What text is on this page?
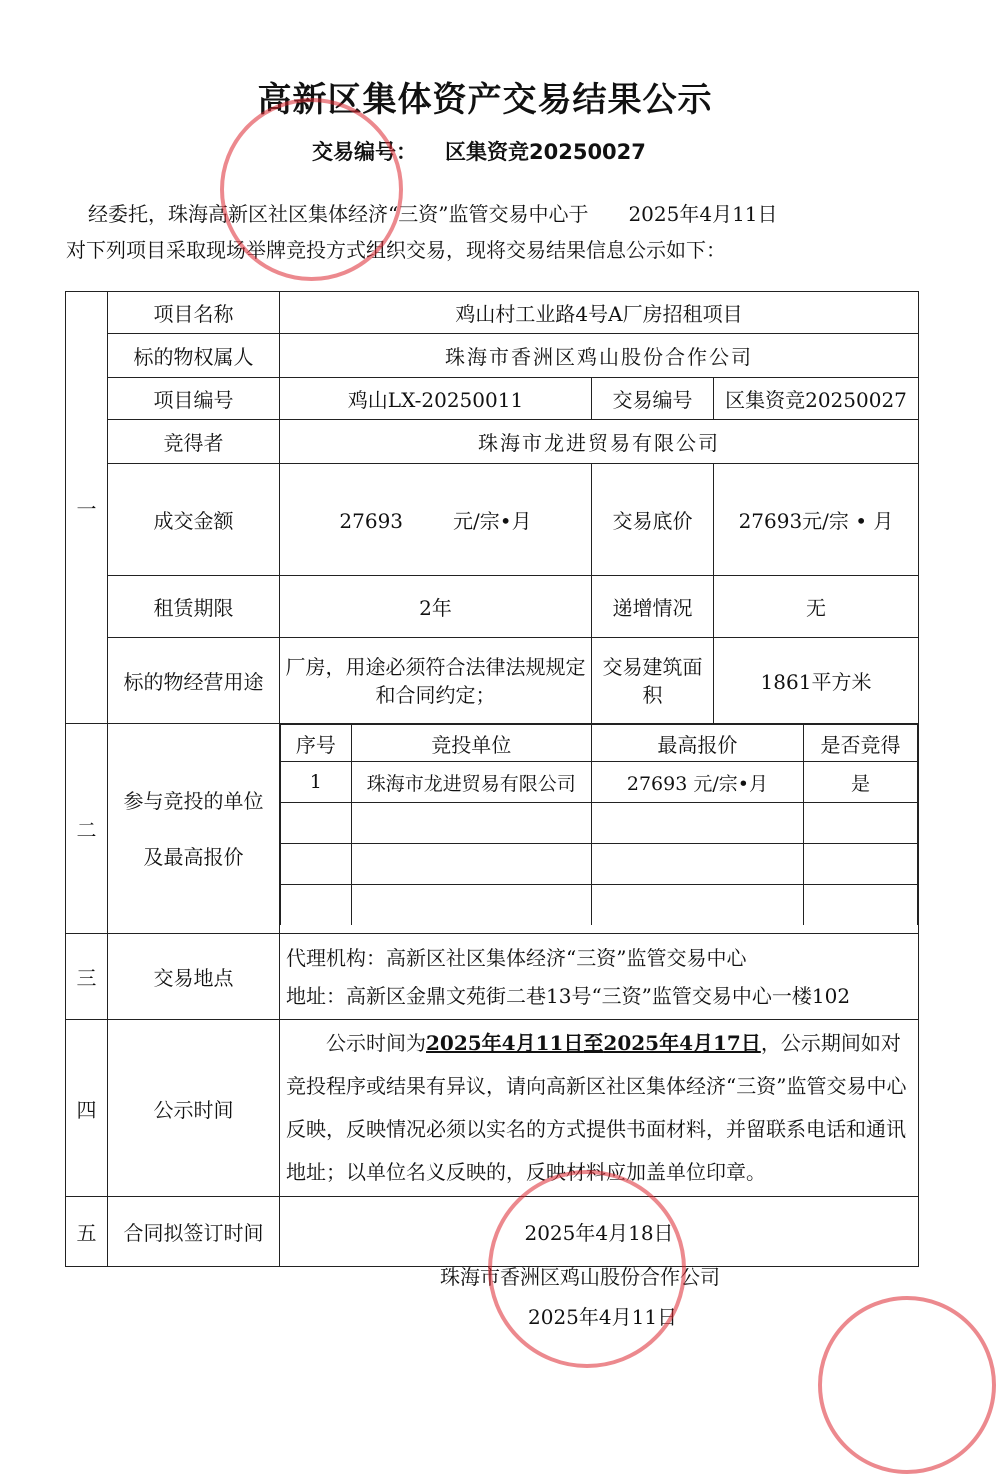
高新区集体资产交易结果公示
交易编号： 区集资竞20250027
经委托，珠海高新区社区集体经济“三资”监管交易中心于 2025年4月11日
对下列项目采取现场举牌竞投方式组织交易，现将交易结果信息公示如下：
一	项目名称	鸡山村工业路4号A厂房招租项目
标的物权属人	珠海市香洲区鸡山股份合作公司
项目编号	鸡山LX-20250011	交易编号	区集资竞20250027
竞得者	珠海市龙进贸易有限公司
成交金额	27693	元/宗•月	交易底价	27693元/宗 • 月
租赁期限	2年	递增情况	无
标的物经营用途	厂房，用途必须符合法律法规规定和合同约定；	交易建筑面积	1861平方米
二	参与竞投的单位及最高报价	
序号	竞投单位	最高报价	是否竞得
1	珠海市龙进贸易有限公司	27693 元/宗•月	是

三	交易地点	
代理机构：高新区社区集体经济“三资”监管交易中心
地址：高新区金鼎文苑街二巷13号“三资”监管交易中心一楼102

四	公示时间	公示时间为2025年4月11日至2025年4月17日，公示期间如对竞投程序或结果有异议，请向高新区社区集体经济“三资”监管交易中心反映，反映情况必须以实名的方式提供书面材料，并留联系电话和通讯地址；以单位名义反映的，反映材料应加盖单位印章。
五	合同拟签订时间	2025年4月18日
珠海市香洲区鸡山股份合作公司
2025年4月11日
